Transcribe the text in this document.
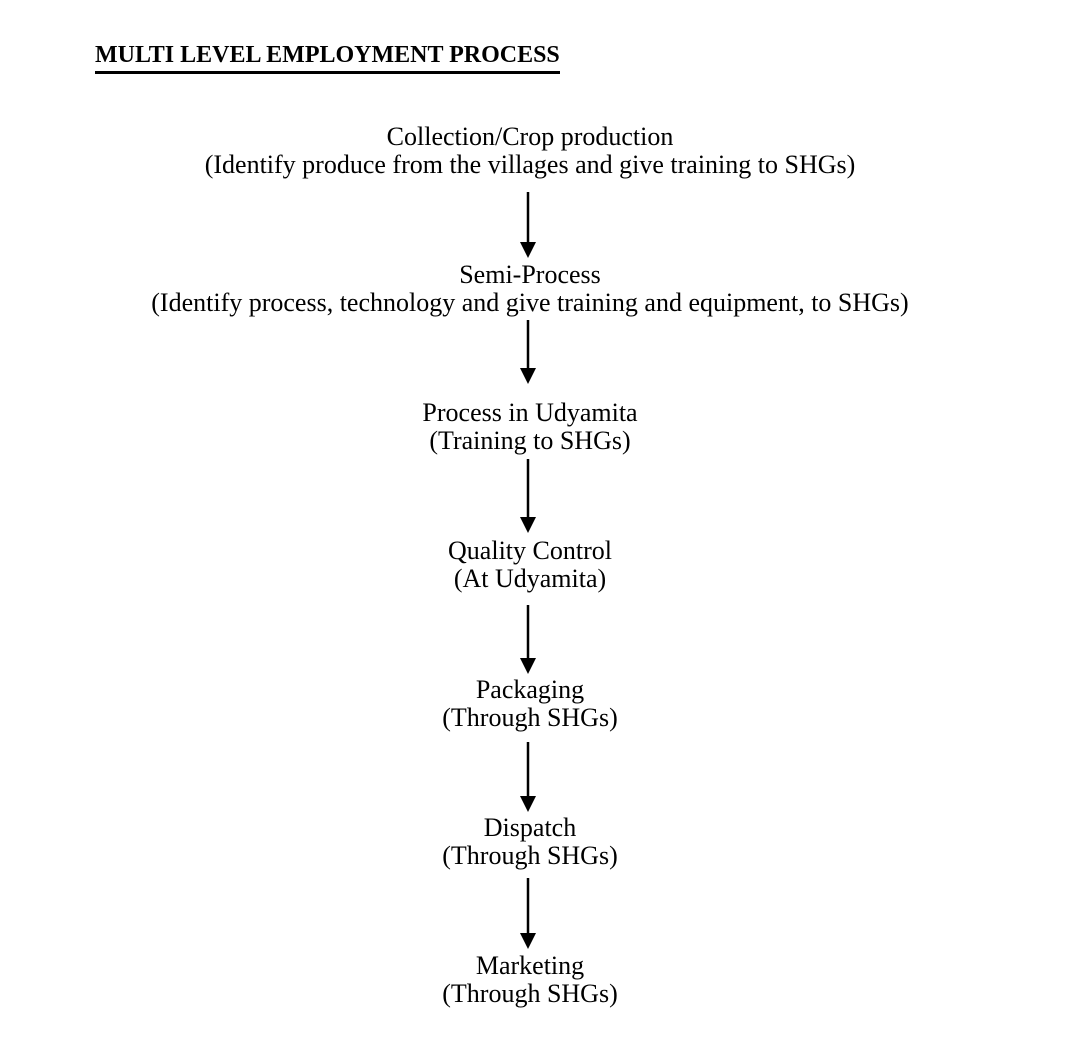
MULTI LEVEL EMPLOYMENT PROCESS
Collection/Crop production
(Identify produce from the villages and give training to SHGs)
Semi-Process
(Identify process, technology and give training and equipment, to SHGs)
Process in Udyamita
(Training to SHGs)
Quality Control
(At Udyamita)
Packaging
(Through SHGs)
Dispatch
(Through SHGs)
Marketing
(Through SHGs)
